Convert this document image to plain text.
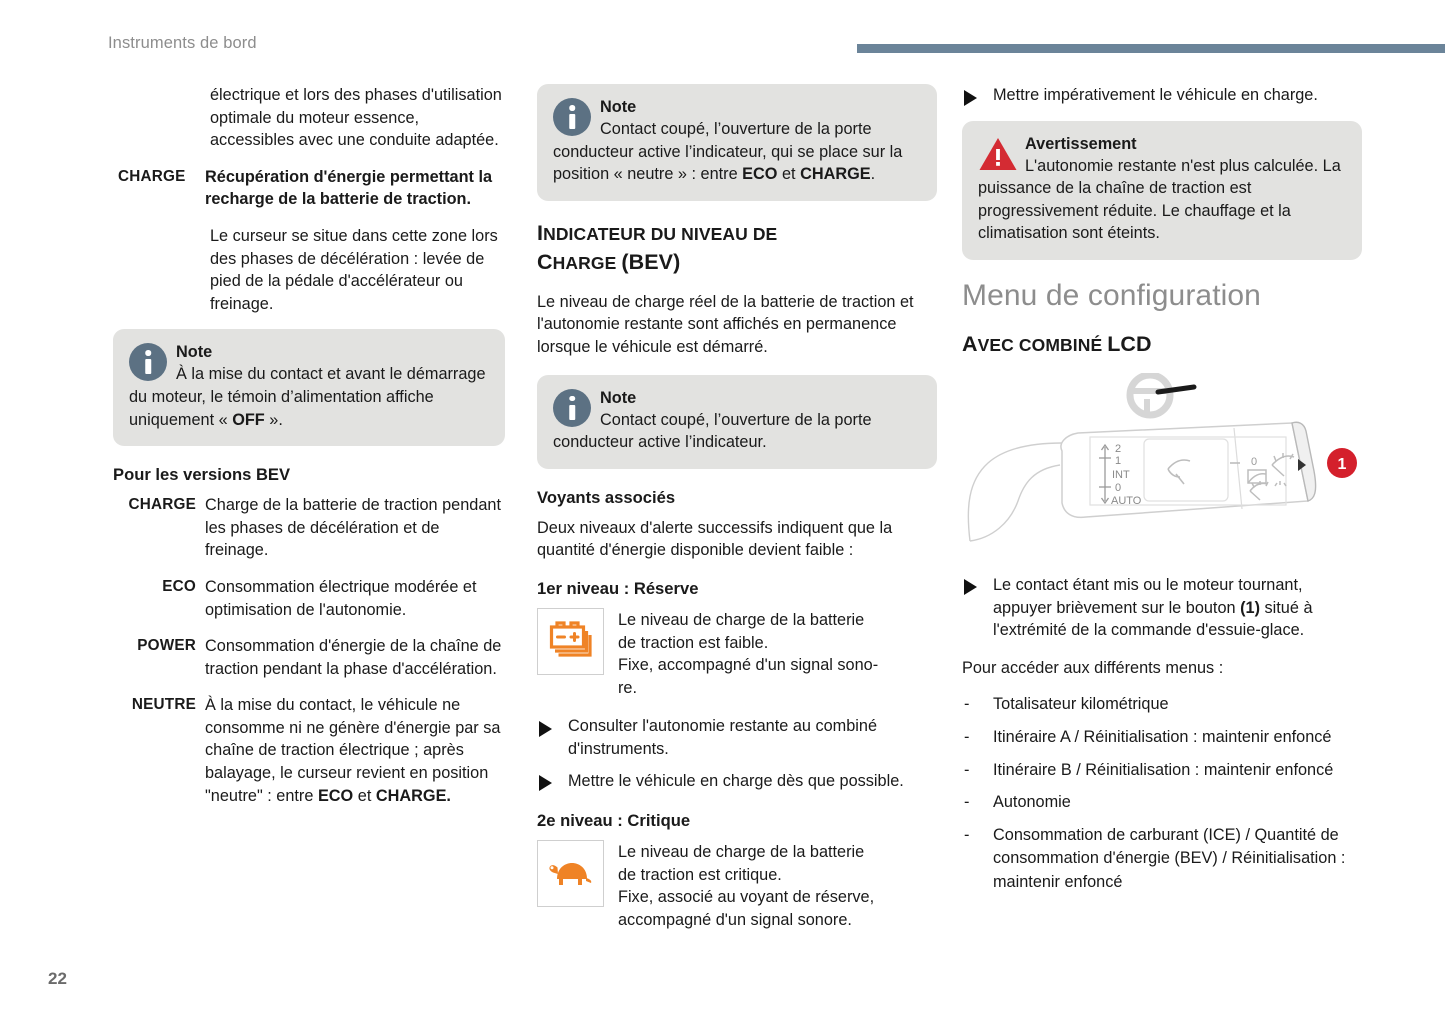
Instruments de bord
22

électrique et lors des phases d'utilisation optimale du moteur essence, accessibles avec une conduite adaptée.

CHARGE	Récupération d'énergie permettant la recharge de la batterie de traction.

Le curseur se situe dans cette zone lors des phases de décélération : levée de pied de la pédale d'accélérateur ou freinage.

Note
À la mise du contact et avant le démarrage du moteur, le témoin d’alimentation affiche uniquement « OFF ».
Pour les versions BEV
CHARGE Charge de la batterie de traction pendant les phases de décélération et de freinage.
ECO Consommation électrique modérée et optimisation de l'autonomie.
POWER Consommation d'énergie de la chaîne de traction pendant la phase d'accélération.
NEUTRE À la mise du contact, le véhicule ne consomme ni ne génère d'énergie par sa chaîne de traction électrique ; après balayage, le curseur revient en position "neutre" : entre ECO et CHARGE.
Note
Contact coupé, l’ouverture de la porte conducteur active l’indicateur, qui se place sur la position « neutre » : entre ECO et CHARGE.
INDICATEUR DU NIVEAU DE
CHARGE (BEV)

Le niveau de charge réel de la batterie de traction et l'autonomie restante sont affichés en permanence lorsque le véhicule est démarré.

Note
Contact coupé, l’ouverture de la porte conducteur active l’indicateur.
Voyants associés

Deux niveaux d'alerte successifs indiquent que la quantité d'énergie disponible devient faible :

1er niveau : Réserve
Le niveau de charge de la batterie
de traction est faible.
Fixe, accompagné d'un signal sono-
re.
Consulter l'autonomie restante au combiné d'instruments.
Mettre le véhicule en charge dès que possible.
2e niveau : Critique
Le niveau de charge de la batterie
de traction est critique.
Fixe, associé au voyant de réserve,
accompagné d'un signal sonore.
Mettre impérativement le véhicule en charge.
Avertissement
L'autonomie restante n'est plus calculée. La puissance de la chaîne de traction est progressivement réduite. Le chauffage et la climatisation sont éteints.
Menu de configuration
AVEC COMBINÉ LCD
2
1
INT
0
AUTO
0	1
Le contact étant mis ou le moteur tournant, appuyer brièvement sur le bouton (1) situé à l'extrémité de la commande d'essuie-glace.

Pour accéder aux différents menus :

- Totalisateur kilométrique
- Itinéraire A / Réinitialisation : maintenir enfoncé
- Itinéraire B / Réinitialisation : maintenir enfoncé
- Autonomie
- Consommation de carburant (ICE) / Quantité de consommation d'énergie (BEV) / Réinitialisation : maintenir enfoncé
